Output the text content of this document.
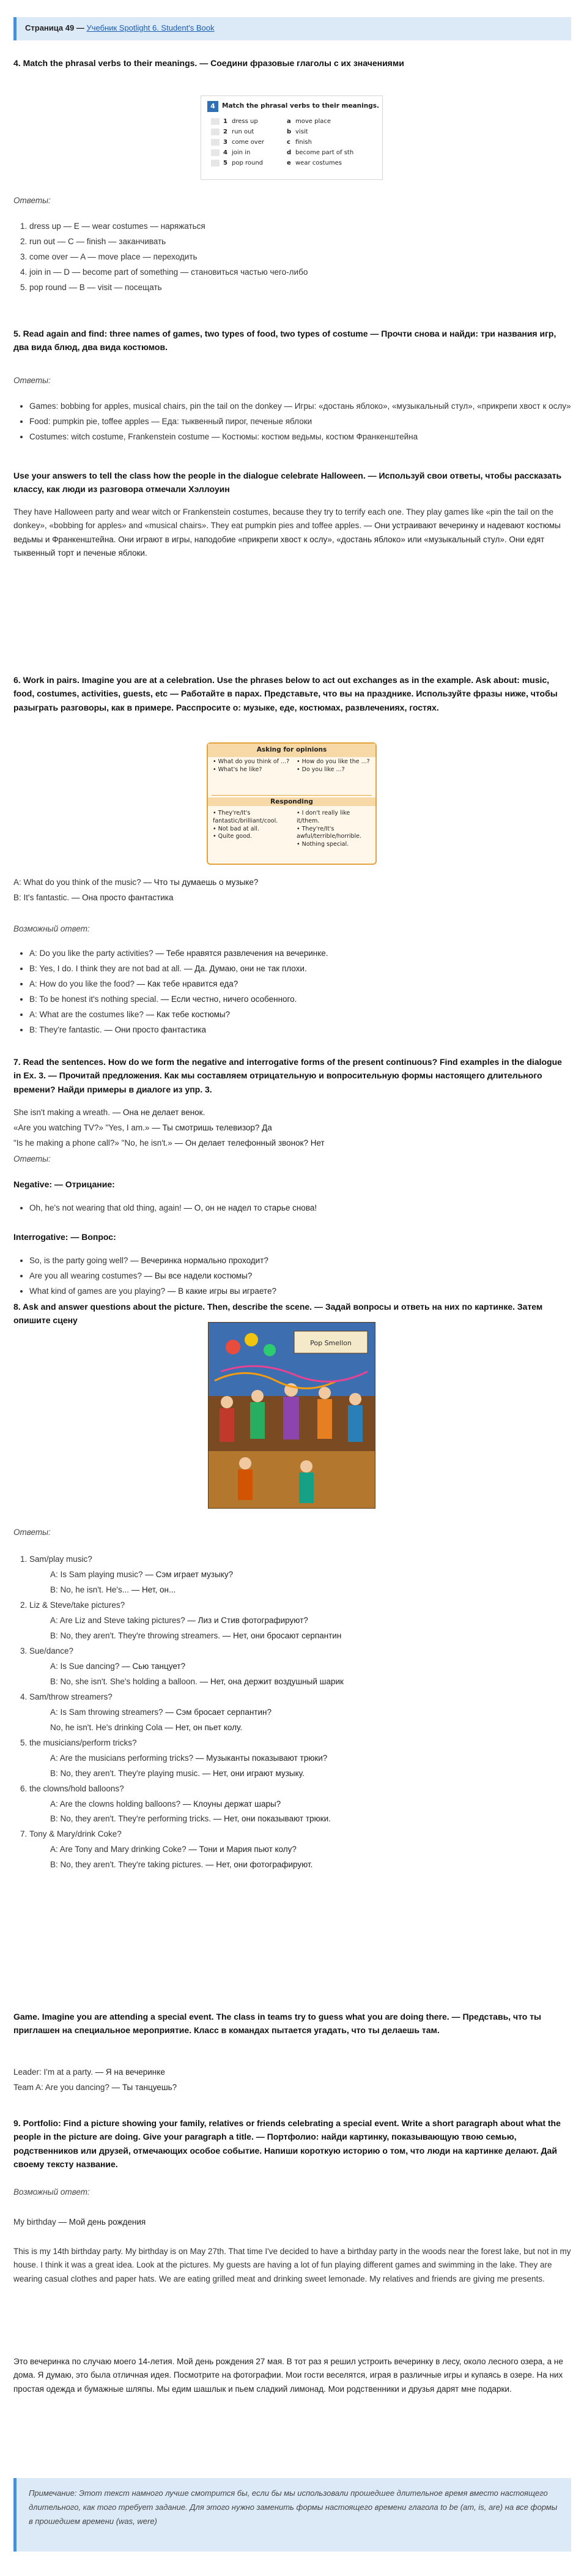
Страница 49 — Учебник Spotlight 6. Student's Book

4. Match the phrasal verbs to their meanings. — Соедини фразовые глаголы с их значениями

4	Match the phrasal verbs to their meanings.
1 dress up
2 run out
3 come over
4 join in
5 pop round
a move place
b visit
c finish
d become part of sth
e wear costumes

Ответы:

1. dress up — E — wear costumes — наряжаться
2. run out — C — finish — заканчивать
3. come over — A — move place — переходить
4. join in — D — become part of something — становиться частью чего-либо
5. pop round — B — visit — посещать

5. Read again and find: three names of games, two types of food, two types of costume — Прочти снова и найди: три названия игр, два вида блюд, два вида костюмов.

Ответы:

• Games: bobbing for apples, musical chairs, pin the tail on the donkey — Игры: «достань яблоко», «музыкальный стул», «прикрепи хвост к ослу»
• Food: pumpkin pie, toffee apples — Еда: тыквенный пирог, печеные яблоки
• Costumes: witch costume, Frankenstein costume — Костюмы: костюм ведьмы, костюм Франкенштейна

Use your answers to tell the class how the people in the dialogue celebrate Halloween. — Используй свои ответы, чтобы рассказать классу, как люди из разговора отмечали Хэллоуин

They have Halloween party and wear witch or Frankenstein costumes, because they try to terrify each one. They play games like «pin the tail on the donkey», «bobbing for apples» and «musical chairs». They eat pumpkin pies and toffee apples. — Они устраивают вечеринку и надевают костюмы ведьмы и Франкенштейна. Они играют в игры, наподобие «прикрепи хвост к ослу», «достань яблоко» или «музыкальный стул». Они едят тыквенный торт и печеные яблоки.

6. Work in pairs. Imagine you are at a celebration. Use the phrases below to act out exchanges as in the example. Ask about: music, food, costumes, activities, guests, etc — Работайте в парах. Представьте, что вы на празднике. Используйте фразы ниже, чтобы разыграть разговоры, как в примере. Расспросите о: музыке, еде, костюмах, развлечениях, гостях.

Asking for opinions
• What do you think of ...?
• What's he like?
• How do you like the ...?
• Do you like ...?
Responding
• They're/It's fantastic/brilliant/cool.
• Not bad at all.
• Quite good.
• I don't really like it/them.
• They're/It's awful/terrible/horrible.
• Nothing special.
A: What do you think of the music? — Что ты думаешь о музыке?
B: It's fantastic. — Она просто фантастика

Возможный ответ:

• A: Do you like the party activities? — Тебе нравятся развлечения на вечеринке.
• B: Yes, I do. I think they are not bad at all. — Да. Думаю, они не так плохи.
• A: How do you like the food? — Как тебе нравится еда?
• B: To be honest it's nothing special. — Если честно, ничего особенного.
• A: What are the costumes like? — Как тебе костюмы?
• B: They're fantastic. — Они просто фантастика

7. Read the sentences. How do we form the negative and interrogative forms of the present continuous? Find examples in the dialogue in Ex. 3. — Прочитай предложения. Как мы составляем отрицательную и вопросительную формы настоящего длительного времени? Найди примеры в диалоге из упр. 3.

She isn't making a wreath. — Она не делает венок.
«Are you watching TV?» "Yes, I am.» — Ты смотришь телевизор? Да
"Is he making a phone call?» "No, he isn't.» — Он делает телефонный звонок? Нет

Ответы:

Negative: — Отрицание:

• Oh, he's not wearing that old thing, again! — О, он не надел то старье снова!

Interrogative: — Вопрос:

• So, is the party going well? — Вечеринка нормально проходит?
• Are you all wearing costumes? — Вы все надели костюмы?
• What kind of games are you playing? — В какие игры вы играете?

8. Ask and answer questions about the picture. Then, describe the scene. — Задай вопросы и ответь на них по картинке. Затем опишите сцену

Pop Smellon

Ответы:

1. Sam/play music?
A: Is Sam playing music? — Сэм играет музыку?
B: No, he isn't. He's... — Нет, он...
2. Liz & Steve/take pictures?
A: Are Liz and Steve taking pictures? — Лиз и Стив фотографируют?
B: No, they aren't. They're throwing streamers. — Нет, они бросают серпантин
3. Sue/dance?
A: Is Sue dancing? — Сью танцует?
B: No, she isn't. She's holding a balloon. — Нет, она держит воздушный шарик
4. Sam/throw streamers?
A: Is Sam throwing streamers? — Сэм бросает серпантин?
No, he isn't. He's drinking Cola — Нет, он пьет колу.
5. the musicians/perform tricks?
A: Are the musicians performing tricks? — Музыканты показывают трюки?
B: No, they aren't. They're playing music. — Нет, они играют музыку.
6. the clowns/hold balloons?
A: Are the clowns holding balloons? — Клоуны держат шары?
B: No, they aren't. They're performing tricks. — Нет, они показывают трюки.
7. Tony & Mary/drink Coke?
A: Are Tony and Mary drinking Coke? — Тони и Мария пьют колу?
B: No, they aren't. They're taking pictures. — Нет, они фотографируют.

Game. Imagine you are attending a special event. The class in teams try to guess what you are doing there. — Представь, что ты приглашен на специальное мероприятие. Класс в командах пытается угадать, что ты делаешь там.

Leader: I'm at a party. — Я на вечеринке
Team A: Are you dancing? — Ты танцуешь?

9. Portfolio: Find a picture showing your family, relatives or friends celebrating a special event. Write a short paragraph about what the people in the picture are doing. Give your paragraph a title. — Портфолио: найди картинку, показывающую твою семью, родственников или друзей, отмечающих особое событие. Напиши короткую историю о том, что люди на картинке делают. Дай своему тексту название.

Возможный ответ:

My birthday — Мой день рождения

This is my 14th birthday party. My birthday is on May 27th. That time I've decided to have a birthday party in the woods near the forest lake, but not in my house. I think it was a great idea. Look at the pictures. My guests are having a lot of fun playing different games and swimming in the lake. They are wearing casual clothes and paper hats. We are eating grilled meat and drinking sweet lemonade. My relatives and friends are giving me presents.

Это вечеринка по случаю моего 14-летия. Мой день рождения 27 мая. В тот раз я решил устроить вечеринку в лесу, около лесного озера, а не дома. Я думаю, это была отличная идея. Посмотрите на фотографии. Мои гости веселятся, играя в различные игры и купаясь в озере. На них простая одежда и бумажные шляпы. Мы едим шашлык и пьем сладкий лимонад. Мои родственники и друзья дарят мне подарки.

Примечание: Этот текст намного лучше смотрится бы, если бы мы использовали прошедшее длительное время вместо настоящего длительного, как того требует задание. Для этого нужно заменить формы настоящего времени глагола to be (am, is, are) на все формы в прошедшем времени (was, were)
